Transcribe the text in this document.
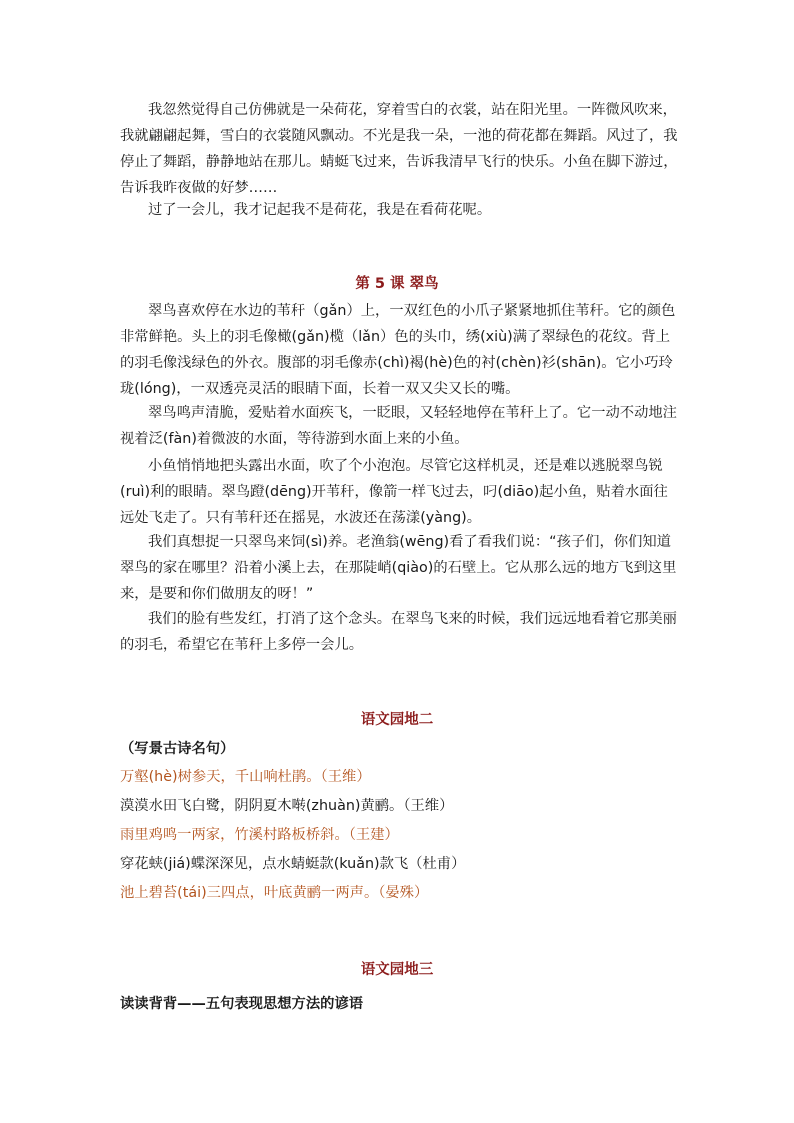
我忽然觉得自己仿佛就是一朵荷花，穿着雪白的衣裳，站在阳光里。一阵微风吹来，我就翩翩起舞，雪白的衣裳随风飘动。不光是我一朵，一池的荷花都在舞蹈。风过了，我停止了舞蹈，静静地站在那儿。蜻蜓飞过来，告诉我清早飞行的快乐。小鱼在脚下游过，告诉我昨夜做的好梦……

过了一会儿，我才记起我不是荷花，我是在看荷花呢。

第 5 课 翠鸟

翠鸟喜欢停在水边的苇秆（gǎn）上，一双红色的小爪子紧紧地抓住苇秆。它的颜色非常鲜艳。头上的羽毛像橄(gǎn)榄（lǎn）色的头巾，绣(xiù)满了翠绿色的花纹。背上的羽毛像浅绿色的外衣。腹部的羽毛像赤(chì)褐(hè)色的衬(chèn)衫(shān)。它小巧玲珑(lóng)，一双透亮灵活的眼睛下面，长着一双又尖又长的嘴。

翠鸟鸣声清脆，爱贴着水面疾飞，一眨眼，又轻轻地停在苇秆上了。它一动不动地注视着泛(fàn)着微波的水面，等待游到水面上来的小鱼。

小鱼悄悄地把头露出水面，吹了个小泡泡。尽管它这样机灵，还是难以逃脱翠鸟锐(ruì)利的眼睛。翠鸟蹬(dēng)开苇秆，像箭一样飞过去，叼(diāo)起小鱼，贴着水面往远处飞走了。只有苇秆还在摇晃，水波还在荡漾(yàng)。

我们真想捉一只翠鸟来饲(sì)养。老渔翁(wēng)看了看我们说：“孩子们，你们知道翠鸟的家在哪里？沿着小溪上去，在那陡峭(qiào)的石壁上。它从那么远的地方飞到这里来，是要和你们做朋友的呀！”

我们的脸有些发红，打消了这个念头。在翠鸟飞来的时候，我们远远地看着它那美丽的羽毛，希望它在苇秆上多停一会儿。

语文园地二

（写景古诗名句）

万壑(hè)树参天，千山响杜鹃。（王维）

漠漠水田飞白鹭，阴阴夏木啭(zhuàn)黄鹂。（王维）

雨里鸡鸣一两家，竹溪村路板桥斜。（王建）

穿花蛱(jiá)蝶深深见，点水蜻蜓款(kuǎn)款飞（杜甫）

池上碧苔(tái)三四点，叶底黄鹂一两声。（晏殊）

语文园地三

读读背背——五句表现思想方法的谚语
